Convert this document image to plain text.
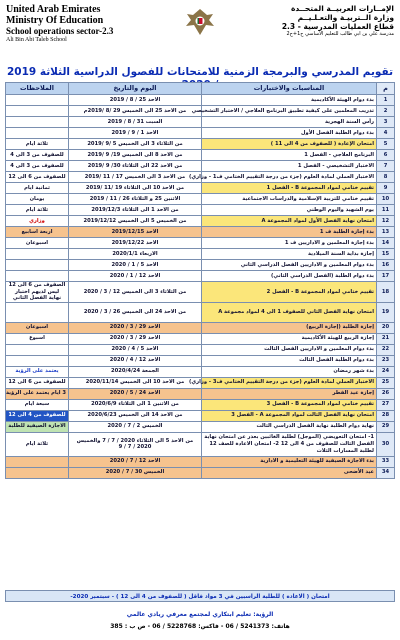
United Arab Emirates
Ministry Of Education
School operations sector-2.3
Ali Bin Abi Taleb School
الإمــارات العربيــة المتحــدة
وزارة الــتربيـة والتعـلـيــم
قطاع العمليات المدرسية - 2.3
مدرسة علي بن ابي طالب للتعليم الأساسي ح1+ح2
تقويم المدرسي والبرمجة الزمنية للامتحانات للفصول الدراسية الثلاثة 2019
م	المناسبات والاختبارات	اليوم والتاريخ	الملاحظات
1	بدء دوام الهيئة الأكاديمية	الاحد 25 / 8 / 2019	
2	تدريب المعلمين على كيفية تطبيق البرنامج العلاجي / الاختبار التشخيصي	من الاحد 25 الى الخميس 29 /8 /2019م	
3	رأس السنة الهجرية	السبت 31 / 8 / 2019	
4	بدء دوام الطلبة الفصل الأول	الاحد 1 / 9 / 2019	
5	امتحان الإعادة ( للصفوف من 4 الى 11 )	من الثلاثاء 3 الى الخميس 5 /9 /2019	ثلاثة ايام
6	البرنامج العلاجي - الفصل 1	من الاحد 8 الى الخميس 19/ 9 /2019	للصفوف من 3 الى 4
7	الاختبار التشخيصي - الفصل 1	من الاحد 22 الى الثلاثاء 30/ 9 /2019	للصفوف من 3 الى 4
8	الاختبار العملي لمادة العلوم (جزء من درجة التقييم الختامي ف1 - وزاري)	من الاحد 3 الى الخميس 17 / 11 /2019	للصفوف من 6 الى 12
9	تقييم ختامي لمواد المجموعة B - الفصل 1	من الاحد 10 الى الثلاثاء 19 /11 /2019	ثمانية ايام
10	تقييم ختامي للتربية الإسلامية والدراسات الاجتماعية	الاثنين 25 و الثلاثاء 26 / 11 / 2019	يومان
11	يوم الشهيد واليوم الوطني	من الاحد 1 الى الثلاثاء 2019/12/3	ثلاثة ايام
12	امتحان نهاية الفصل الأول لمواد المجموعة A	من الخميس 5 الى الخميس 2019/12/12	وزاري
13	بدء إجازة الطلبة ف 1	الاحد 2019/12/15	اربعة اسابيع
14	بدء إجازة المعلمين و الاداريين ف 1	الاحد 2019/12/22	اسبوعان
15	إجازة بداية السنة الميلادية	الاربعاء 2020/1/1	
16	بدء دوام المعلمين و الاداريين الفصل الدراسي الثاني	الاحد 5 / 1 / 2020	
17	بدء دوام الطلبة (الفصل الدراسي الثاني)	الاحد 12 / 1 / 2020	
18	تقييم ختامي لمواد المجموعة B - الفصل 2	من الثلاثاء 3 الى الخميس 12 / 3 / 2020	الصفوف من 6 الى 12 ليس لديهم اختبار نهاية الفصل الثاني
19	امتحان نهاية الفصل الثاني للصفوف 1 الى 4 لمواد مجموعة A	من الاحد 24 الى الخميس 26 / 3 / 2020	
20	إجازة الطلبة (إجازة الربيع)	الاحد 29 / 3 / 2020	اسبوعان
21	إجازة الربيع للهيئة الأكاديمية	الاحد 29 / 3 / 2020	اسبوع
22	بدء دوام المعلمين و الاداريين الفصل الثالث	الاحد 5 / 4 / 2020	
23	بدء دوام الطلبة الفصل الثالث	الاحد 12 / 4 / 2020	
24	بدء شهر رمضان	الجمعة 2020/4/24	يعتمد على الرؤية
25	الاختبار العملي لمادة العلوم (جزء من درجة التقييم الختامي ف3 - وزاري)	من الاحد 10 الى الخميس 2020/11/14	للصفوف من 6 الى 12
26	إجازة عيد الفطر	الاحد 24 / 5 / 2020	3 ايام يعتمد على الرؤية
27	تقييم ختامي لمواد المجموعة B - الفصل 3	من الاثنين 1 الى الثلاثاء 2020/6/9	سبعة ايام
28	امتحان نهاية الفصل الثالث لمواد المجموعة A - الفصل 3	من الاحد 14 الى الخميس 2020/6/23	للصفوف من 4 الى 12
29	نهاية دوام الطلبة نهاية الفصل الدراسي الثالث	الخميس 2 / 7 / 2020	الاجازة الصيفية للطلبة
30	1- امتحان التعويضي (الموجل) لطلبة الغائبين بعذر عن امتحان نهاية الفصل الثالث للصفوف من 4 الى 12 2- امتحان الاعادة للصف 12 لطلبة المسارات الثلاث	من الاحد 5 الى الثلاثاء 2020 / 7 / 7 والخميس 2020 / 7 / 9	ثلاثة ايام
33	بدء الاجازة الصيفية للهيئة التعليمية و الادارية	الاحد 12 / 7 / 2020	
34	عيد الأضحى	الخميس 30 / 7 / 2020	
امتحان ( الاعادة ) للطلبة الراسبين في 3 مواد فاقل ( للصفوف من 4 الى 12 ) - سبتمبر 2020-
الرؤية: تعليم ابتكاري لمجتمع معرفي ريادي عالمي
هاتف: 5241373 / 06 - فاكس: 5228768 / 06 - ص ب : 385
